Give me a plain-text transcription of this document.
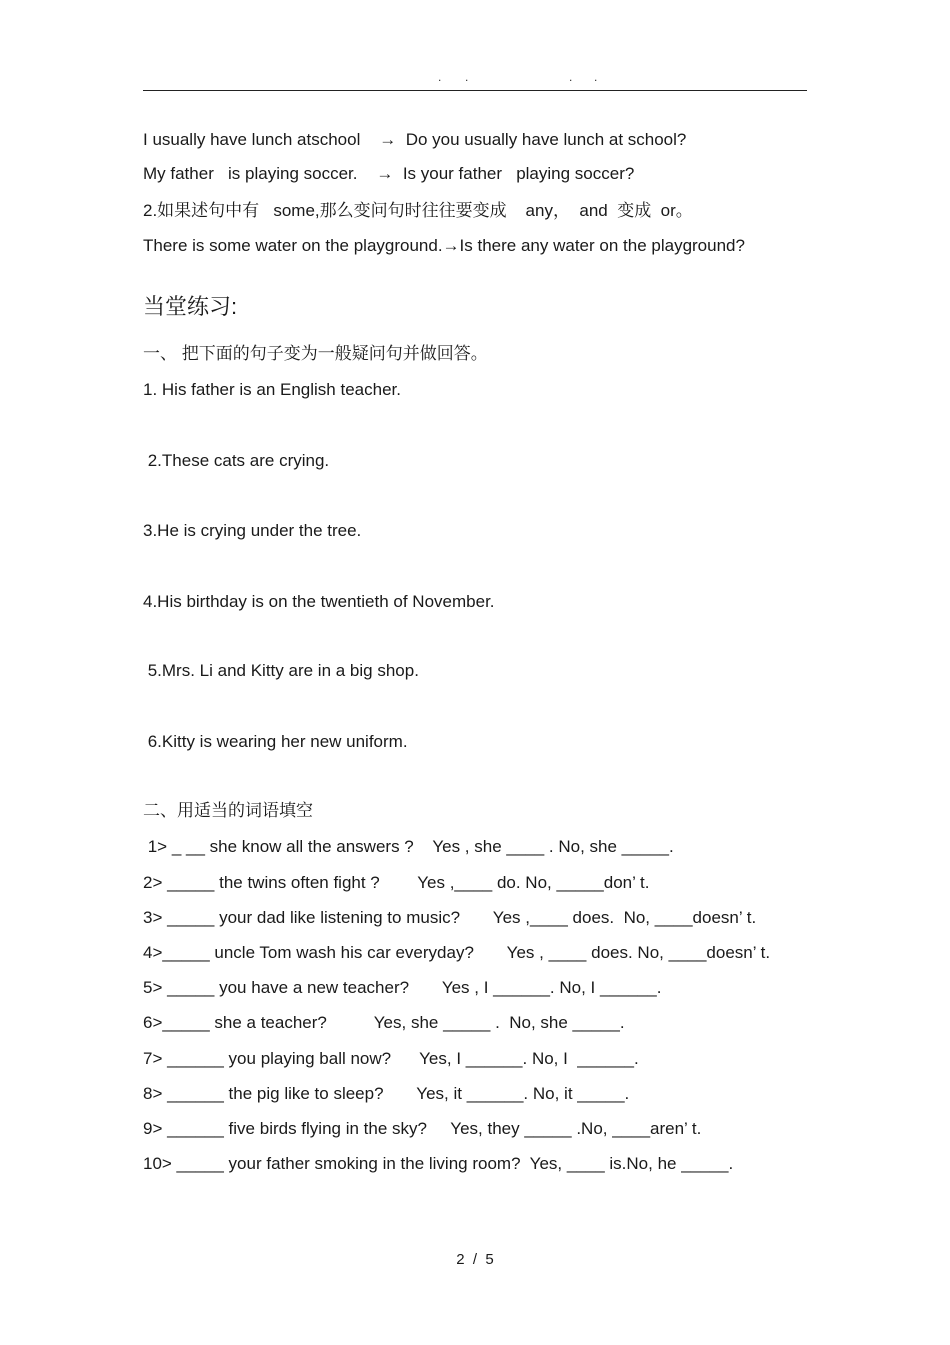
. .	. .
I usually have lunch atschool    →  Do you usually have lunch at school?
My father   is playing soccer.    →  Is your father   playing soccer?
2.如果述句中有   some,那么变问句时往往要变成    any，  and  变成  or。
There is some water on the playground.→Is there any water on the playground?
当堂练习:
一、 把下面的句子变为一般疑问句并做回答。
1. His father is an English teacher.
2.These cats are crying.
3.He is crying under the tree.
4.His birthday is on the twentieth of November.
5.Mrs. Li and Kitty are in a big shop.
6.Kitty is wearing her new uniform.
二、用适当的词语填空
1> _ __ she know all the answers ?    Yes , she ____ . No, she _____.
2> _____ the twins often fight ?        Yes ,____ do. No, _____don’ t.
3> _____ your dad like listening to music?       Yes ,____ does.  No, ____doesn’ t.
4>_____ uncle Tom wash his car everyday?       Yes , ____ does. No, ____doesn’ t.
5> _____ you have a new teacher?       Yes , I ______. No, I ______.
6>_____ she a teacher?          Yes, she _____ .  No, she _____.
7> ______ you playing ball now?      Yes, I ______. No, I  ______.
8> ______ the pig like to sleep?       Yes, it ______. No, it _____.
9> ______ five birds flying in the sky?     Yes, they _____ .No, ____aren’ t.
10> _____ your father smoking in the living room?  Yes, ____ is.No, he _____.
2  /  5
